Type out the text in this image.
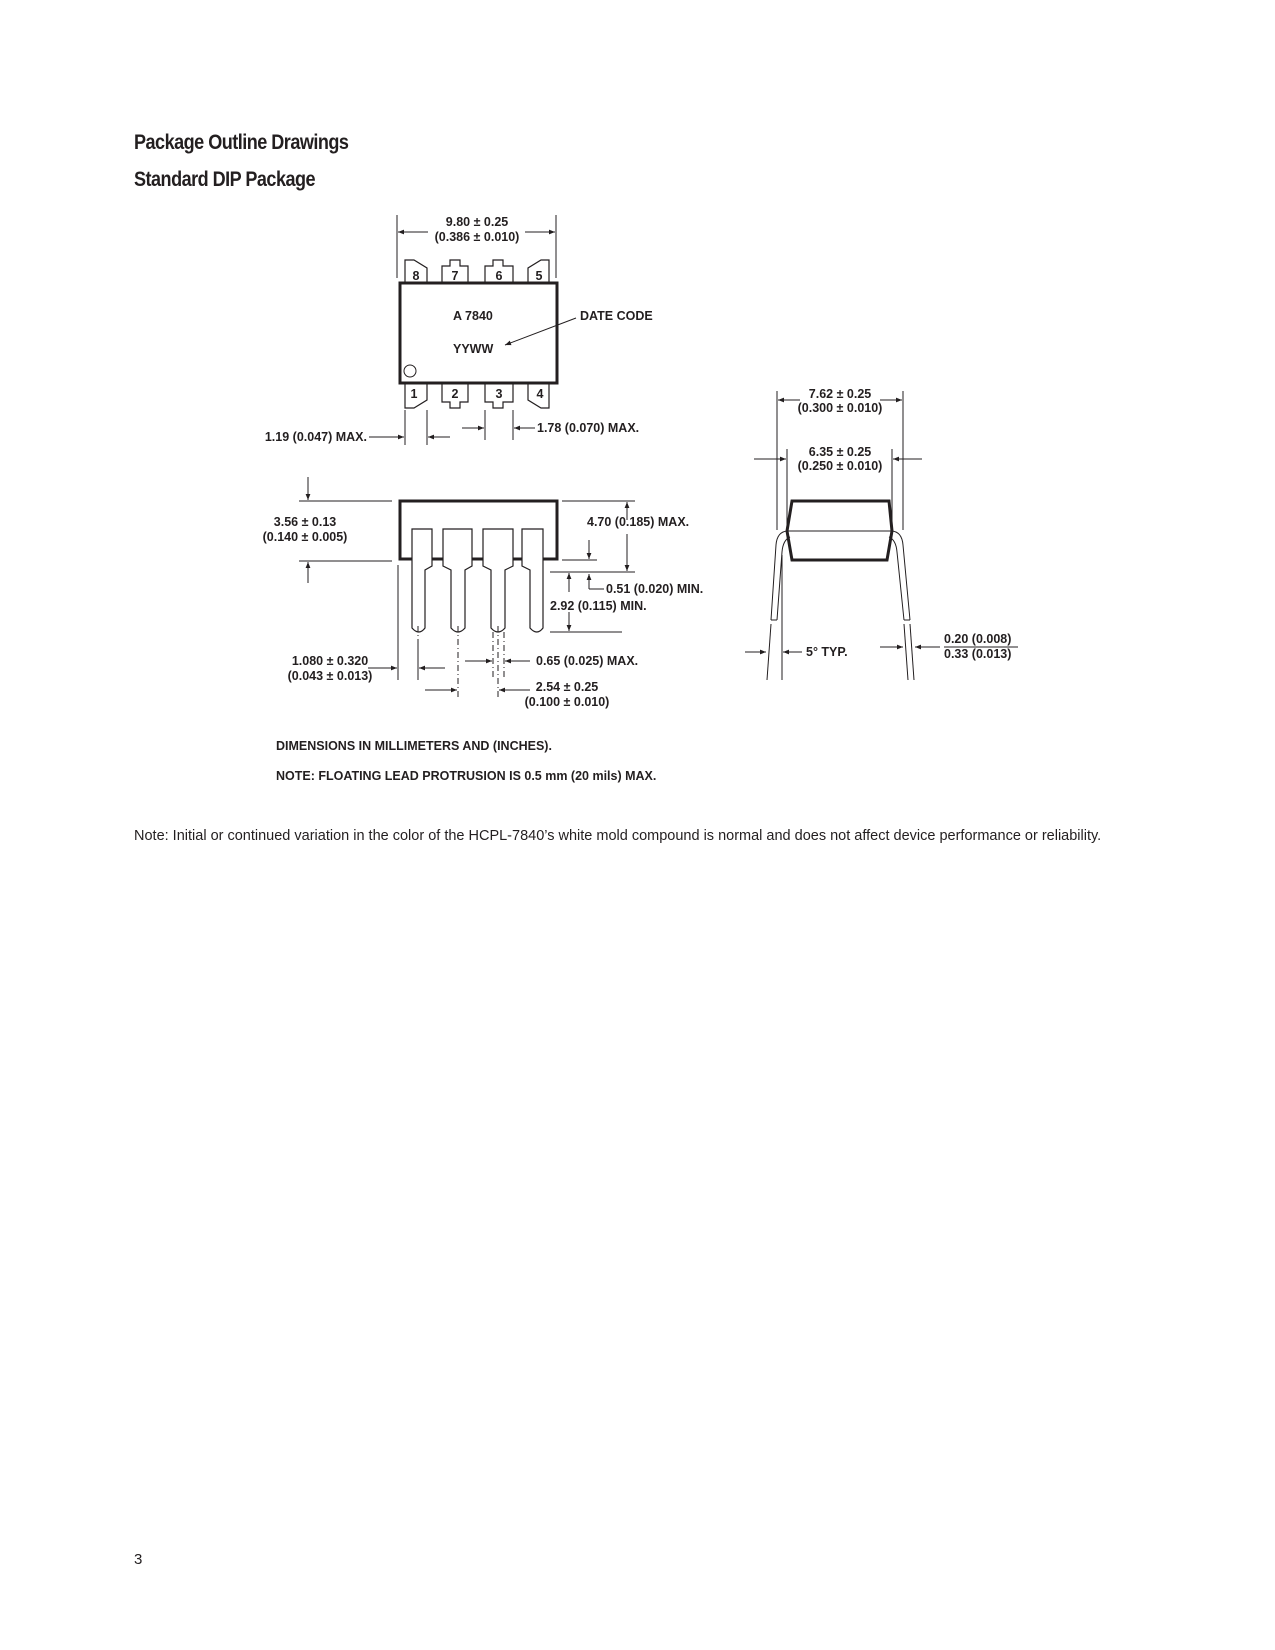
Package Outline Drawings
Standard DIP Package
9.80 ± 0.25
(0.386 ± 0.010)
8	7	6	5
1	2	3	4
A 7840
YYWW
DATE CODE
1.19 (0.047) MAX.
1.78 (0.070) MAX.
3.56 ± 0.13
(0.140 ± 0.005)
4.70 (0.185) MAX.
0.51 (0.020) MIN.
2.92 (0.115) MIN.
1.080 ± 0.320
(0.043 ± 0.013)
0.65 (0.025) MAX.
2.54 ± 0.25
(0.100 ± 0.010)
7.62 ± 0.25
(0.300 ± 0.010)
6.35 ± 0.25
(0.250 ± 0.010)
5° TYP.
0.20 (0.008)
0.33 (0.013)
DIMENSIONS IN MILLIMETERS AND (INCHES).
NOTE: FLOATING LEAD PROTRUSION IS 0.5 mm (20 mils) MAX.
Note: Initial or continued variation in the color of the HCPL-7840’s white mold compound is normal and does not affect device performance or reliability.
3
